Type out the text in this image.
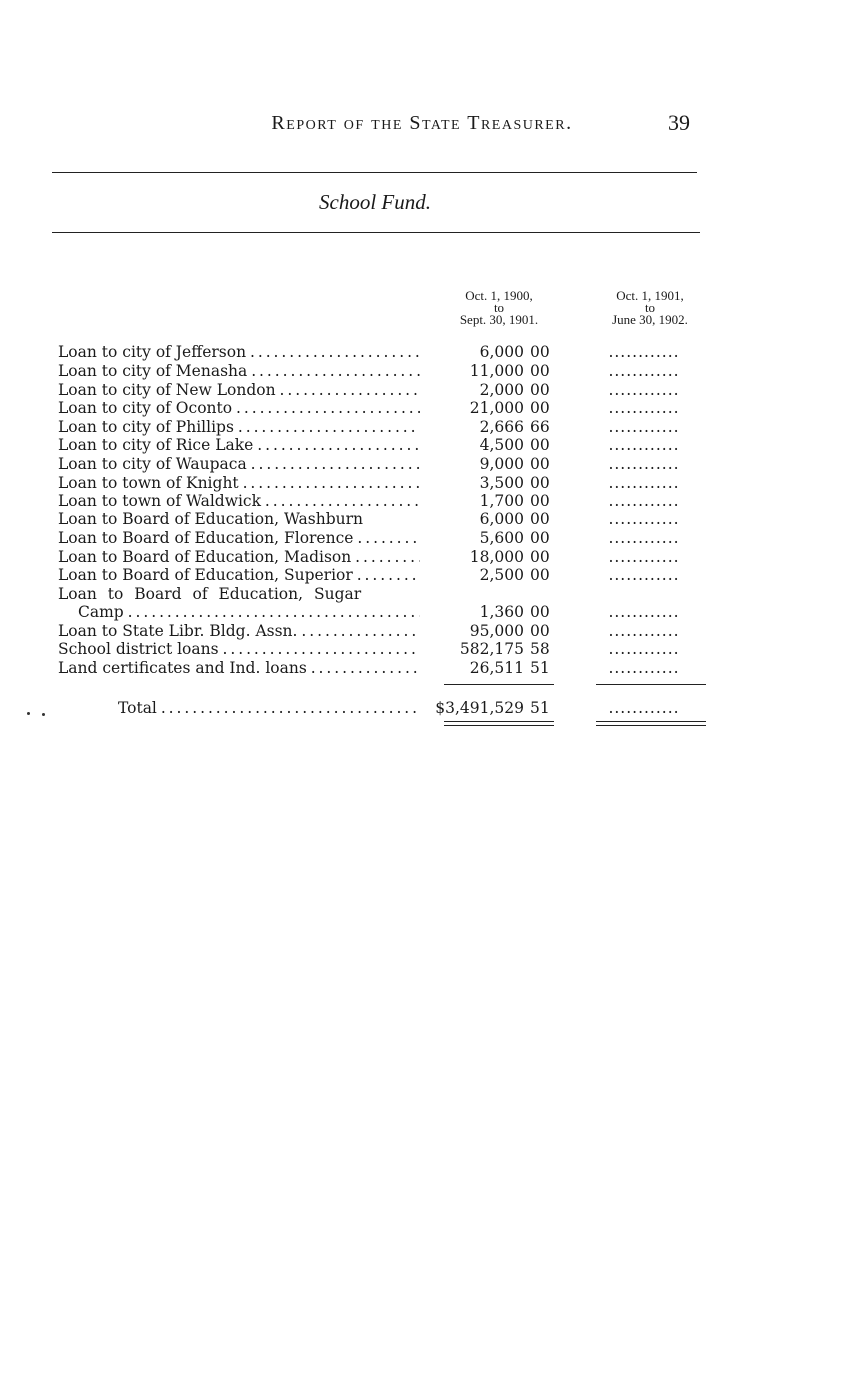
Report of the State Treasurer.	39
School Fund.
Oct. 1, 1900,
to
Sept. 30, 1901.
Oct. 1, 1901,
to
June 30, 1902.
Loan to city of Jefferson . . .	6,000 00	............
Loan to city of Menasha . . .	11,000 00	............
Loan to city of New London . . .	2,000 00	............
Loan to city of Oconto . . .	21,000 00	............
Loan to city of Phillips . . .	2,666 66	............
Loan to city of Rice Lake . . .	4,500 00	............
Loan to city of Waupaca . . .	9,000 00	............
Loan to town of Knight . . .	3,500 00	............
Loan to town of Waldwick . . .	1,700 00	............
Loan to Board of Education, Washburn	6,000 00	............
Loan to Board of Education, Florence . . .	5,600 00	............
Loan to Board of Education, Madison . . .	18,000 00	............
Loan to Board of Education, Superior . . .	2,500 00	............
Loan to Board of Education, Sugar
Camp . . .	1,360 00	............
Loan to State Libr. Bldg. Assn. . . .	95,000 00	............
School district loans . . .	582,175 58	............
Land certificates and Ind. loans . . .	26,511 51	............
Total . . .	$3,491,529 51	............
